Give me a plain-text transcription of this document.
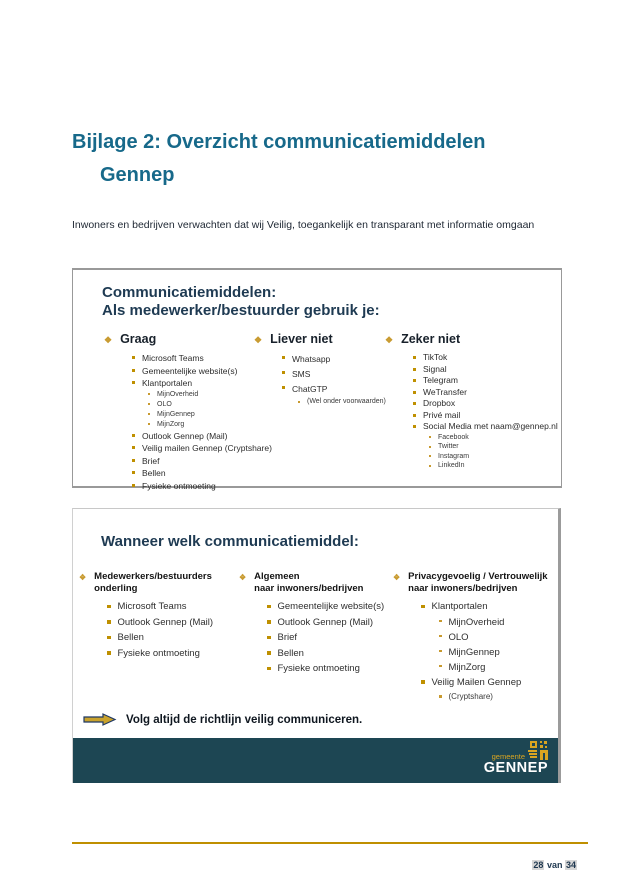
Bijlage 2: Overzicht communicatiemiddelen
Gennep
Inwoners en bedrijven verwachten dat wij Veilig, toegankelijk en transparant met informatie omgaan
Communicatiemiddelen:
Als medewerker/bestuurder gebruik je:
❖ Graag
Microsoft Teams
Gemeentelijke website(s)
Klantportalen
MijnOverheid
OLO
MijnGennep
MijnZorg
Outlook Gennep (Mail)
Veilig mailen Gennep (Cryptshare)
Brief
Bellen
Fysieke ontmoeting
❖ Liever niet
Whatsapp
SMS
ChatGTP
(Wel onder voorwaarden)
❖ Zeker niet
TikTok
Signal
Telegram
WeTransfer
Dropbox
Privé mail
Social Media met naam@gennep.nl
Facebook
Twitter
Instagram
LinkedIn
Wanneer welk communicatiemiddel:
❖ Medewerkers/bestuurders
onderling
Microsoft Teams
Outlook Gennep (Mail)
Bellen
Fysieke ontmoeting
❖ Algemeen
naar inwoners/bedrijven
Gemeentelijke website(s)
Outlook Gennep (Mail)
Brief
Bellen
Fysieke ontmoeting
❖ Privacygevoelig / Vertrouwelijk
naar inwoners/bedrijven
Klantportalen
MijnOverheid
OLO
MijnGennep
MijnZorg
Veilig Mailen Gennep
(Cryptshare)
Volg altijd de richtlijn veilig communiceren.
gemeente
GENNEP
28 van 34
